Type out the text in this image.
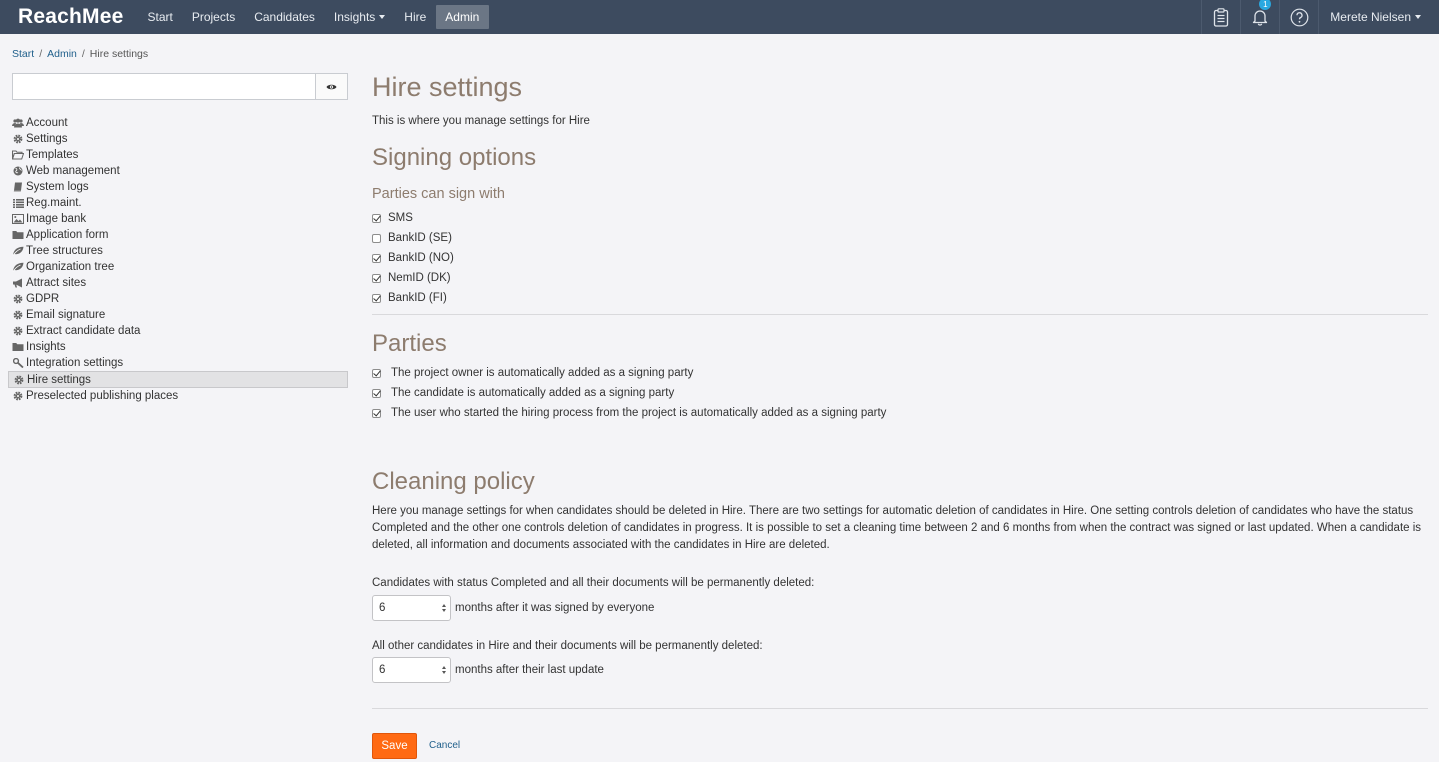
ReachMee	Start	Projects	Candidates	Insights	Hire	Admin
1
Merete Nielsen
Start / Admin / Hire settings
Account
Settings
Templates
Web management
System logs
Reg.maint.
Image bank
Application form
Tree structures
Organization tree
Attract sites
GDPR
Email signature
Extract candidate data
Insights
Integration settings
Hire settings
Preselected publishing places
Hire settings
This is where you manage settings for Hire
Signing options
Parties can sign with
SMS
BankID (SE)
BankID (NO)
NemID (DK)
BankID (FI)
Parties
The project owner is automatically added as a signing party
The candidate is automatically added as a signing party
The user who started the hiring process from the project is automatically added as a signing party
Cleaning policy
Here you manage settings for when candidates should be deleted in Hire. There are two settings for automatic deletion of candidates in Hire. One setting controls deletion of candidates who have the status Completed and the other one controls deletion of candidates in progress. It is possible to set a cleaning time between 2 and 6 months from when the contract was signed or last updated. When a candidate is deleted, all information and documents associated with the candidates in Hire are deleted.
Candidates with status Completed and all their documents will be permanently deleted:
6	months after it was signed by everyone
All other candidates in Hire and their documents will be permanently deleted:
6	months after their last update
Save	Cancel
